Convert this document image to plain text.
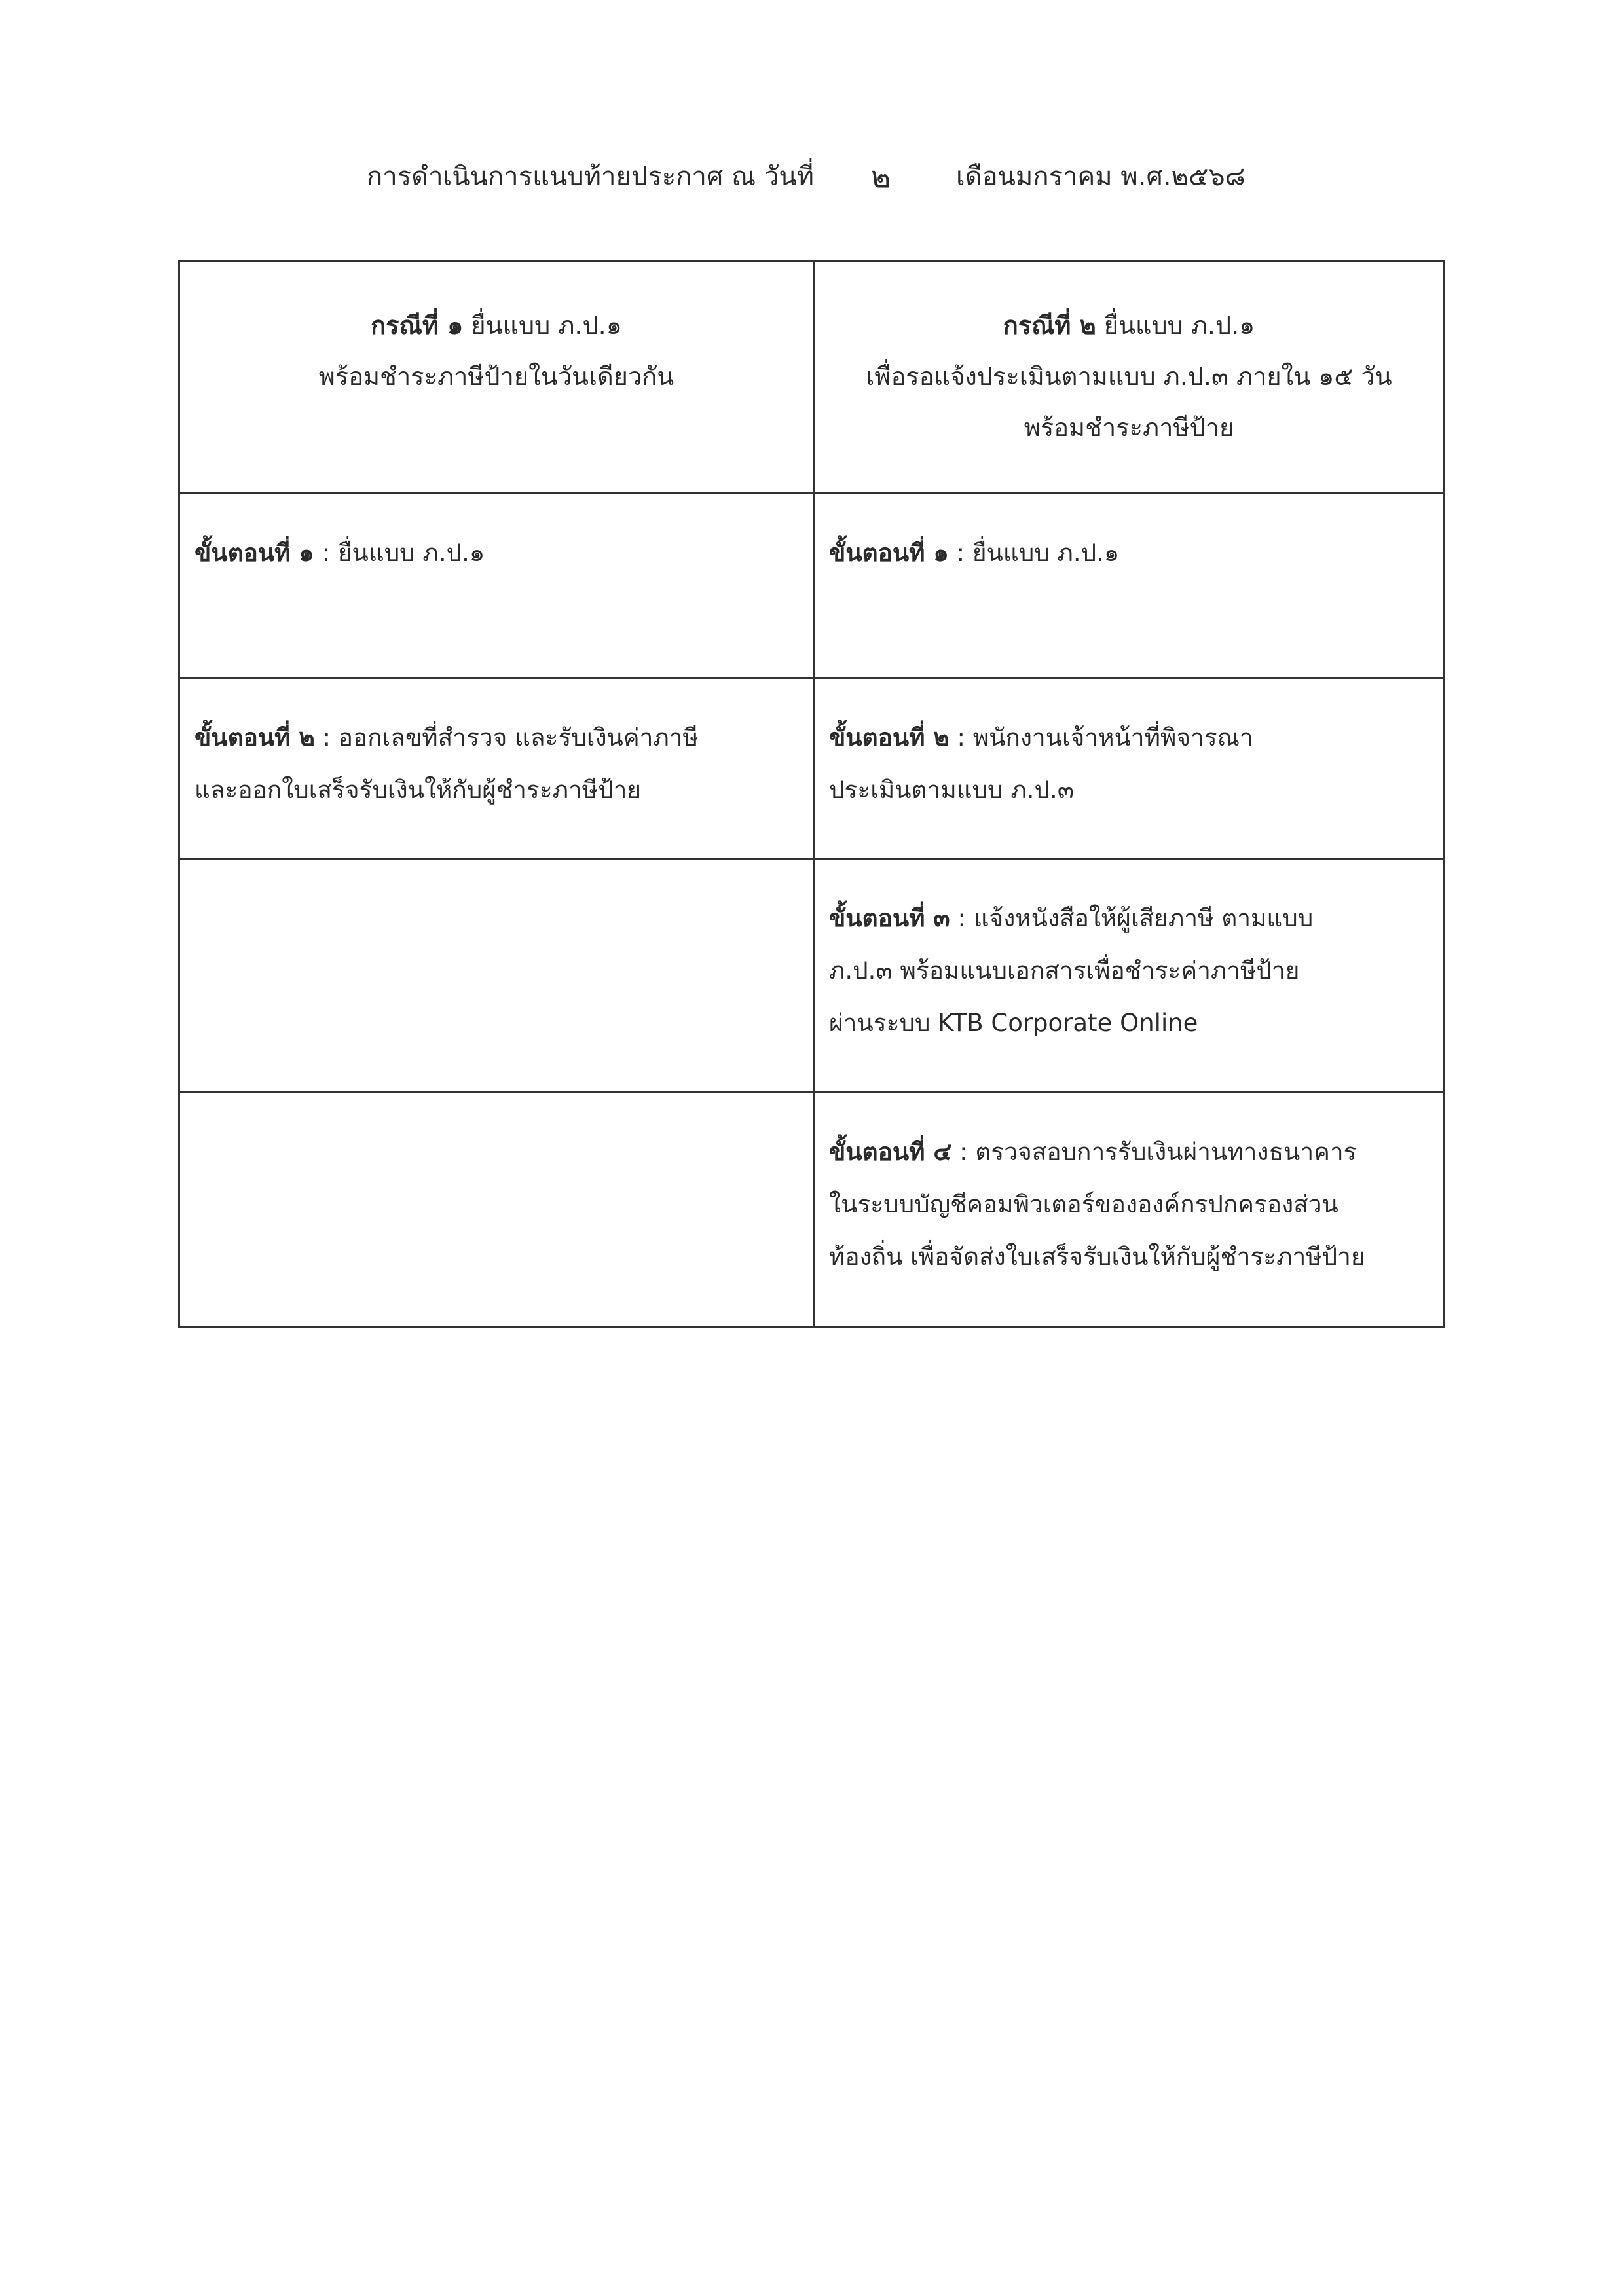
การดำเนินการแนบท้ายประกาศ ณ วันที่ ๒ เดือนมกราคม พ.ศ.๒๕๖๘
กรณีที่ ๑ ยื่นแบบ ภ.ป.๑
พร้อมชำระภาษีป้ายในวันเดียวกัน
กรณีที่ ๒ ยื่นแบบ ภ.ป.๑
เพื่อรอแจ้งประเมินตามแบบ ภ.ป.๓ ภายใน ๑๕ วัน
พร้อมชำระภาษีป้าย
ขั้นตอนที่ ๑ : ยื่นแบบ ภ.ป.๑	ขั้นตอนที่ ๑ : ยื่นแบบ ภ.ป.๑
ขั้นตอนที่ ๒ : ออกเลขที่สำรวจ และรับเงินค่าภาษี
และออกใบเสร็จรับเงินให้กับผู้ชำระภาษีป้าย
ขั้นตอนที่ ๒ : พนักงานเจ้าหน้าที่พิจารณา
ประเมินตามแบบ ภ.ป.๓
ขั้นตอนที่ ๓ : แจ้งหนังสือให้ผู้เสียภาษี ตามแบบ
ภ.ป.๓ พร้อมแนบเอกสารเพื่อชำระค่าภาษีป้าย
ผ่านระบบ KTB Corporate Online
ขั้นตอนที่ ๔ : ตรวจสอบการรับเงินผ่านทางธนาคาร
ในระบบบัญชีคอมพิวเตอร์ขององค์กรปกครองส่วน
ท้องถิ่น เพื่อจัดส่งใบเสร็จรับเงินให้กับผู้ชำระภาษีป้าย
